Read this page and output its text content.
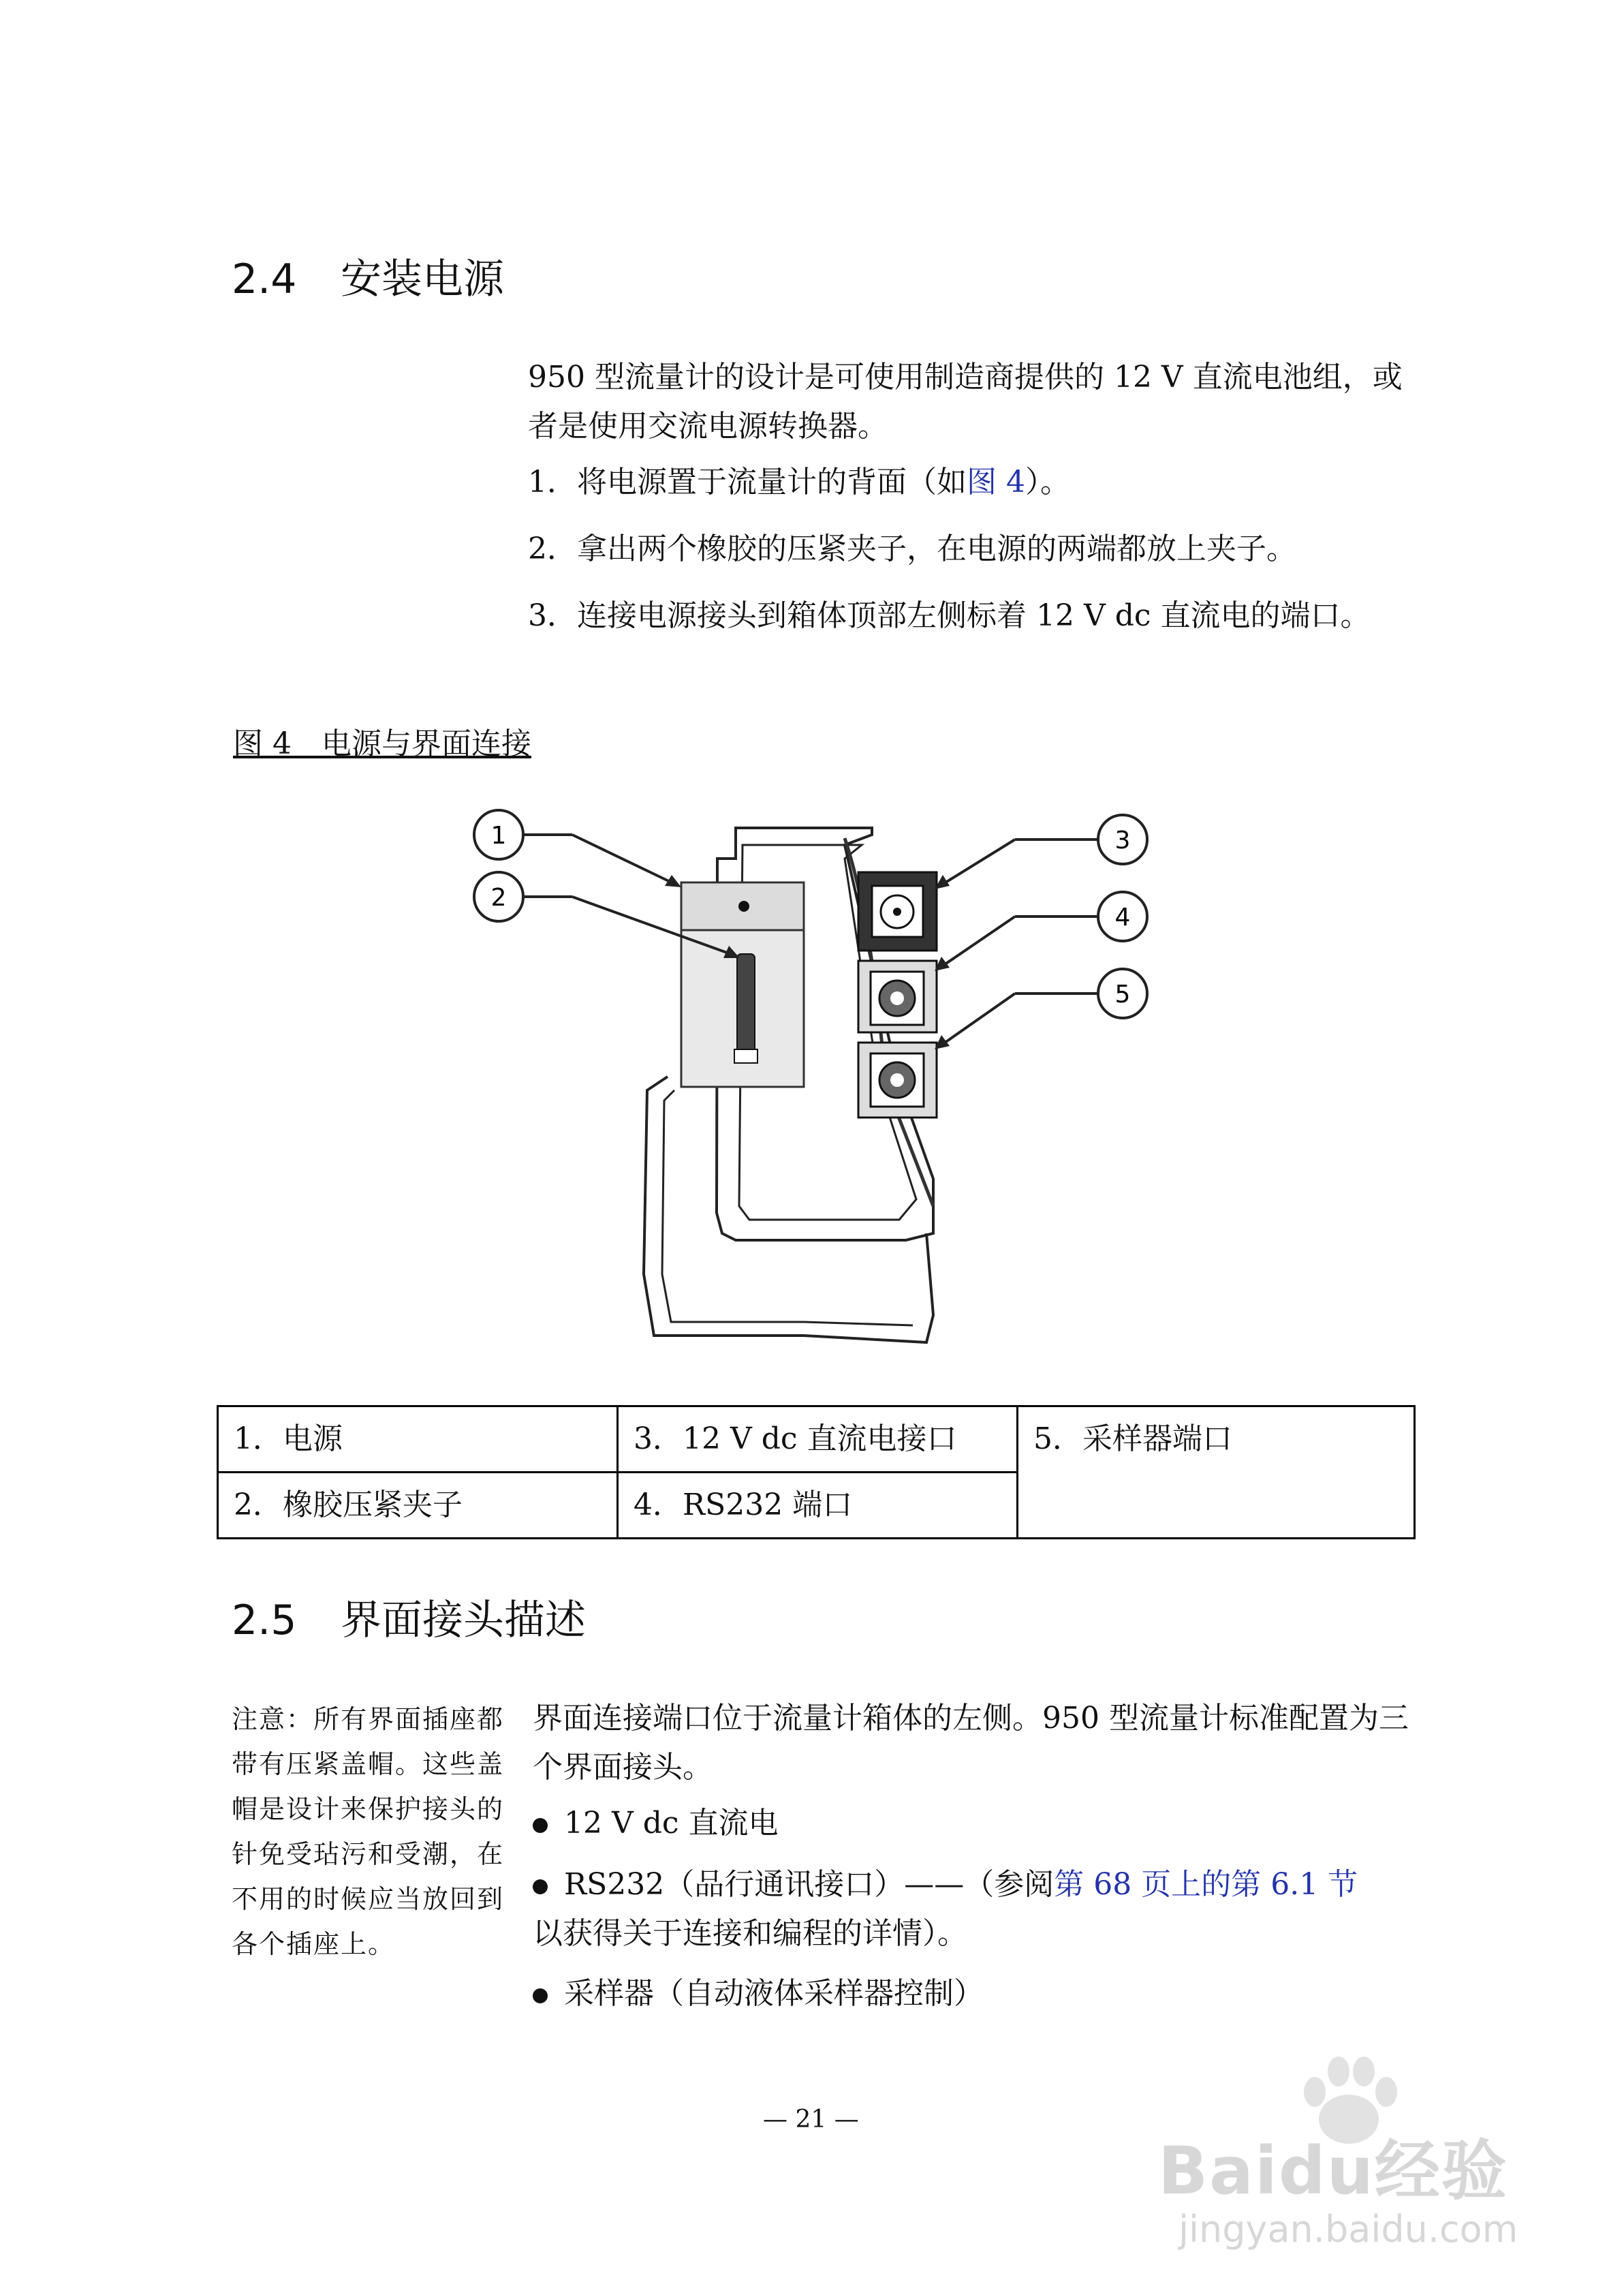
2.4 安装电源
950 型流量计的设计是可使用制造商提供的 12 V 直流电池组，或者是使用交流电源转换器。
1．将电源置于流量计的背面（如图 4）。
2．拿出两个橡胶的压紧夹子，在电源的两端都放上夹子。
3．连接电源接头到箱体顶部左侧标着 12 V dc 直流电的端口。
图 4　电源与界面连接
1
2
3
4
5
1．电源	3．12 V dc 直流电接口	5．采样器端口
2．橡胶压紧夹子	4．RS232 端口	
2.5 界面接头描述
注意：所有界面插座都带有压紧盖帽。这些盖帽是设计来保护接头的针免受玷污和受潮，在不用的时候应当放回到各个插座上。
界面连接端口位于流量计箱体的左侧。950 型流量计标准配置为三个界面接头。
12 V dc 直流电
RS232（品行通讯接口）——（参阅第 68 页上的第 6.1 节
以获得关于连接和编程的详情）。
采样器（自动液体采样器控制）
— 21 —
Baidu经验
jingyan.baidu.com
